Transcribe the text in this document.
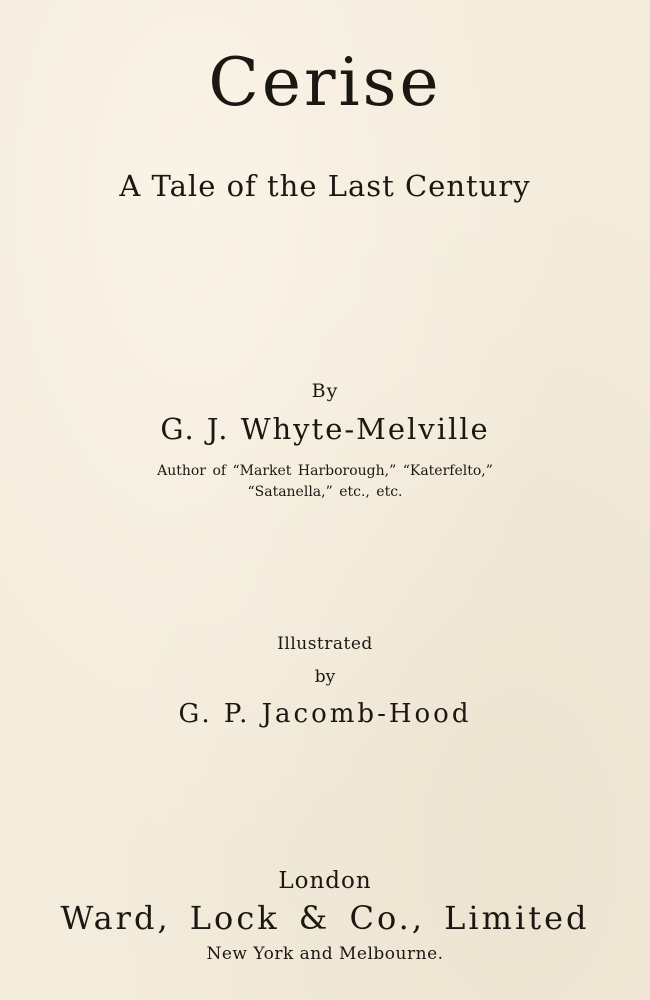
Cerise
A Tale of the Last Century
By
G. J. Whyte-Melville
Author of “Market Harborough,” “Katerfelto,”
“Satanella,” etc., etc.
Illustrated
by
G. P. Jacomb-Hood
London
Ward, Lock & Co., Limited
New York and Melbourne.
